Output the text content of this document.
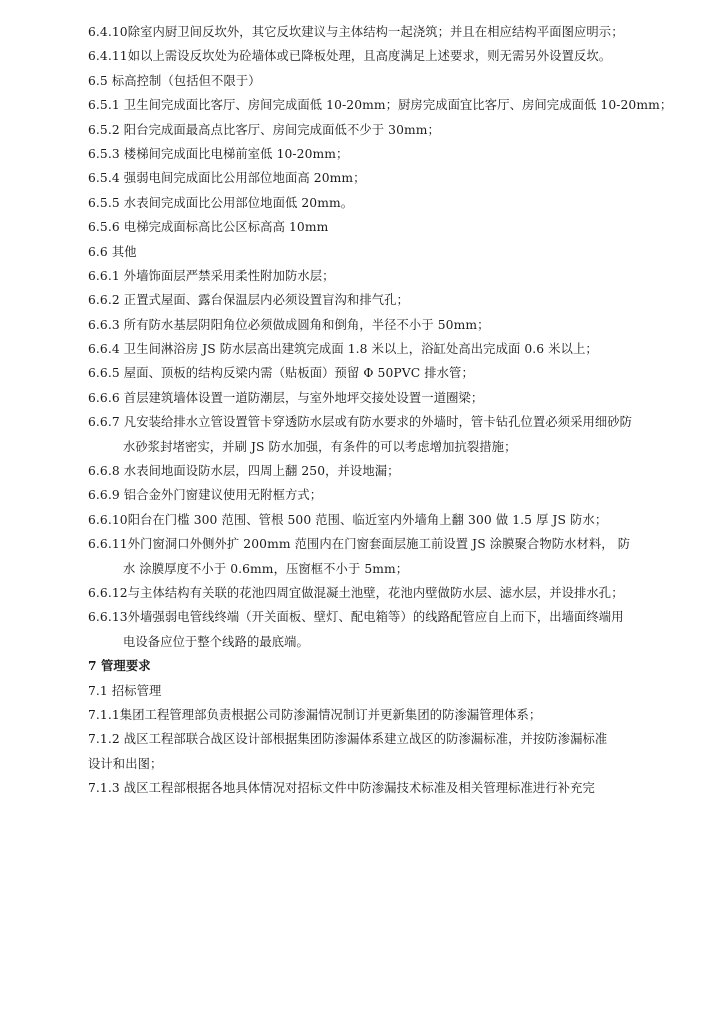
6.4.10除室内厨卫间反坎外，其它反坎建议与主体结构一起浇筑；并且在相应结构平面图应明示；
6.4.11如以上需设反坎处为砼墙体或已降板处理，且高度满足上述要求，则无需另外设置反坎。
6.5 标高控制（包括但不限于）
6.5.1 卫生间完成面比客厅、房间完成面低 10-20mm；厨房完成面宜比客厅、房间完成面低 10-20mm；
6.5.2 阳台完成面最高点比客厅、房间完成面低不少于 30mm；
6.5.3 楼梯间完成面比电梯前室低 10-20mm；
6.5.4 强弱电间完成面比公用部位地面高 20mm；
6.5.5 水表间完成面比公用部位地面低 20mm。
6.5.6 电梯完成面标高比公区标高高 10mm
6.6 其他
6.6.1 外墙饰面层严禁采用柔性附加防水层；
6.6.2 正置式屋面、露台保温层内必须设置盲沟和排气孔；
6.6.3 所有防水基层阴阳角位必须做成圆角和倒角，半径不小于 50mm；
6.6.4 卫生间淋浴房 JS 防水层高出建筑完成面 1.8 米以上，浴缸处高出完成面 0.6 米以上；
6.6.5 屋面、顶板的结构反梁内需（贴板面）预留 Φ 50PVC 排水管；
6.6.6 首层建筑墙体设置一道防潮层，与室外地坪交接处设置一道圈梁；
6.6.7 凡安装给排水立管设置管卡穿透防水层或有防水要求的外墙时，管卡钻孔位置必须采用细砂防
水砂浆封堵密实，并刷 JS 防水加强，有条件的可以考虑增加抗裂措施；
6.6.8 水表间地面设防水层，四周上翻 250，并设地漏；
6.6.9 铝合金外门窗建议使用无附框方式；
6.6.10阳台在门槛 300 范围、管根 500 范围、临近室内外墙角上翻 300 做 1.5 厚 JS 防水；
6.6.11外门窗洞口外侧外扩 200mm 范围内在门窗套面层施工前设置 JS 涂膜聚合物防水材料， 防
水 涂膜厚度不小于 0.6mm，压窗框不小于 5mm；
6.6.12与主体结构有关联的花池四周宜做混凝土池壁，花池内壁做防水层、滤水层，并设排水孔；
6.6.13外墙强弱电管线终端（开关面板、壁灯、配电箱等）的线路配管应自上而下，出墙面终端用
电设备应位于整个线路的最底端。
7 管理要求
7.1 招标管理
7.1.1集团工程管理部负责根据公司防渗漏情况制订并更新集团的防渗漏管理体系；
7.1.2 战区工程部联合战区设计部根据集团防渗漏体系建立战区的防渗漏标准，并按防渗漏标准
设计和出图；
7.1.3 战区工程部根据各地具体情况对招标文件中防渗漏技术标准及相关管理标准进行补充完
